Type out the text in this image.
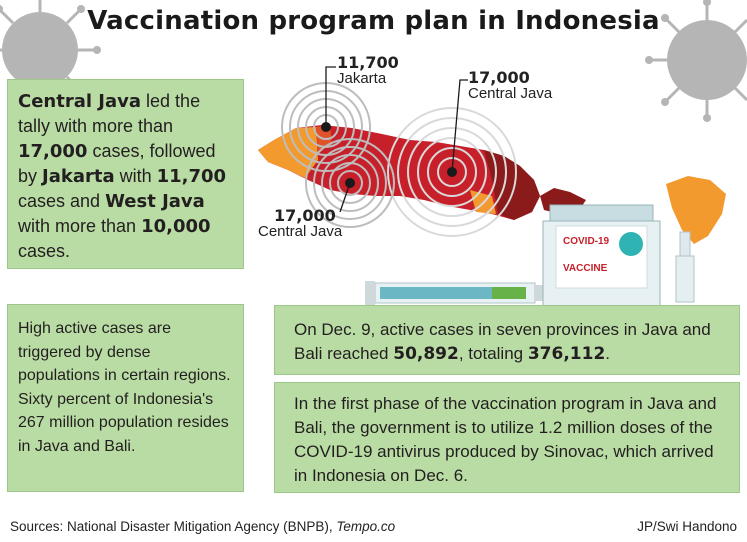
Vaccination program plan in Indonesia
11,700
Jakarta	17,000
Central Java
17,000
Central Java
COVID-19
VACCINE
Central Java led the tally with more than 17,000 cases, followed by Jakarta with 11,700 cases and West Java with more than 10,000 cases.
High active cases are triggered by dense populations in certain regions. Sixty percent of Indonesia's 267 million population resides in Java and Bali.
On Dec. 9, active cases in seven provinces in Java and Bali reached 50,892, totaling 376,112.
In the first phase of the vaccination program in Java and Bali, the government is to utilize 1.2 million doses of the COVID-19 antivirus produced by Sinovac, which arrived in Indonesia on Dec. 6.
Sources: National Disaster Mitigation Agency (BNPB), Tempo.co	JP/Swi Handono
